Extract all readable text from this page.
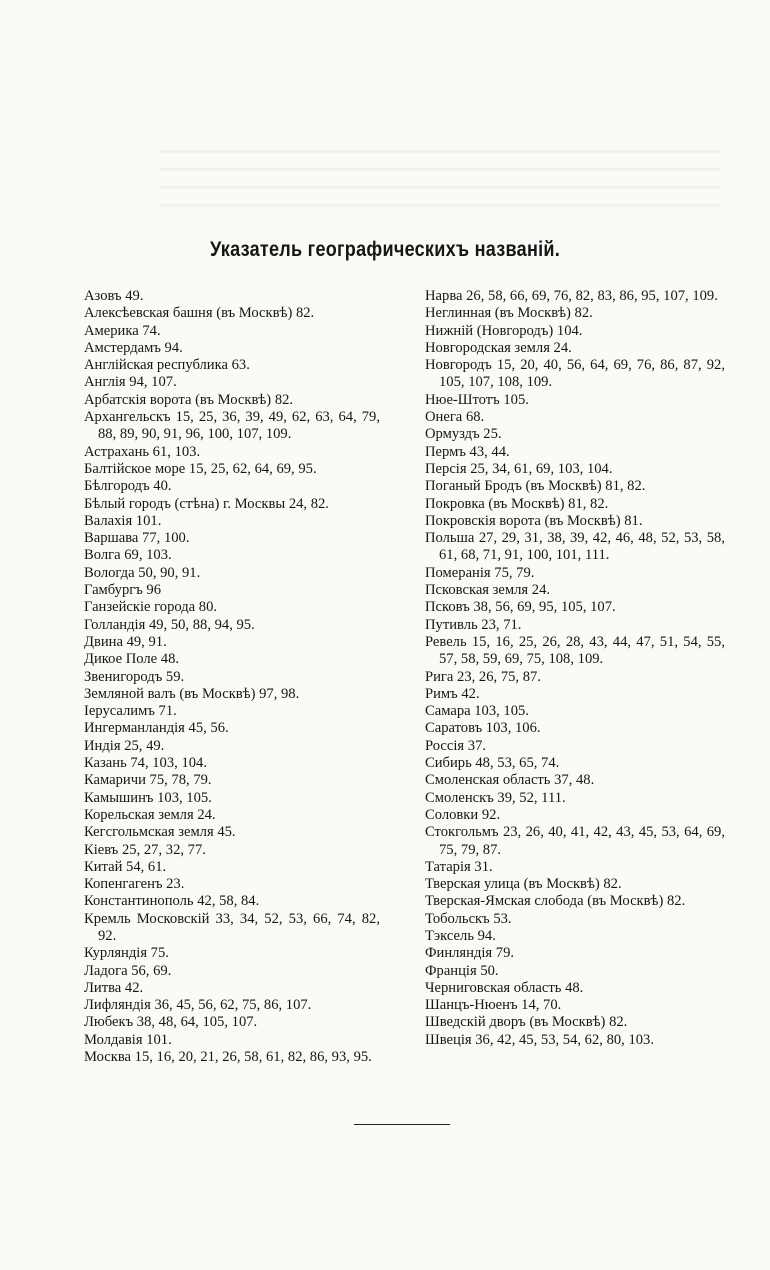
Указатель географическихъ названій.
Азовъ 49.
Алексѣевская башня (въ Москвѣ) 82.
Америка 74.
Амстердамъ 94.
Англійская республика 63.
Англія 94, 107.
Арбатскія ворота (въ Москвѣ) 82.
Архангельскъ 15, 25, 36, 39, 49, 62, 63, 64, 79, 88, 89, 90, 91, 96, 100, 107, 109.
Астрахань 61, 103.
Балтійское море 15, 25, 62, 64, 69, 95.
Бѣлгородъ 40.
Бѣлый городъ (стѣна) г. Москвы 24, 82.
Валахія 101.
Варшава 77, 100.
Волга 69, 103.
Вологда 50, 90, 91.
Гамбургъ 96
Ганзейскіе города 80.
Голландія 49, 50, 88, 94, 95.
Двина 49, 91.
Дикое Поле 48.
Звенигородъ 59.
Земляной валъ (въ Москвѣ) 97, 98.
Іерусалимъ 71.
Ингерманландія 45, 56.
Индія 25, 49.
Казань 74, 103, 104.
Камаричи 75, 78, 79.
Камышинъ 103, 105.
Корельская земля 24.
Кегсгольмская земля 45.
Кіевъ 25, 27, 32, 77.
Китай 54, 61.
Копенгагенъ 23.
Константинополь 42, 58, 84.
Кремль Московскій 33, 34, 52, 53, 66, 74, 82, 92.
Курляндія 75.
Ладога 56, 69.
Литва 42.
Лифляндія 36, 45, 56, 62, 75, 86, 107.
Любекъ 38, 48, 64, 105, 107.
Молдавія 101.
Москва 15, 16, 20, 21, 26, 58, 61, 82, 86, 93, 95.
Нарва 26, 58, 66, 69, 76, 82, 83, 86, 95, 107, 109.
Неглинная (въ Москвѣ) 82.
Нижній (Новгородъ) 104.
Новгородская земля 24.
Новгородъ 15, 20, 40, 56, 64, 69, 76, 86, 87, 92, 105, 107, 108, 109.
Нюе-Штотъ 105.
Онега 68.
Ормуздъ 25.
Пермъ 43, 44.
Персія 25, 34, 61, 69, 103, 104.
Поганый Бродъ (въ Москвѣ) 81, 82.
Покровка (въ Москвѣ) 81, 82.
Покровскія ворота (въ Москвѣ) 81.
Польша 27, 29, 31, 38, 39, 42, 46, 48, 52, 53, 58, 61, 68, 71, 91, 100, 101, 111.
Померанія 75, 79.
Псковская земля 24.
Псковъ 38, 56, 69, 95, 105, 107.
Путивль 23, 71.
Ревель 15, 16, 25, 26, 28, 43, 44, 47, 51, 54, 55, 57, 58, 59, 69, 75, 108, 109.
Рига 23, 26, 75, 87.
Римъ 42.
Самара 103, 105.
Саратовъ 103, 106.
Россія 37.
Сибирь 48, 53, 65, 74.
Смоленская область 37, 48.
Смоленскъ 39, 52, 111.
Соловки 92.
Стокгольмъ 23, 26, 40, 41, 42, 43, 45, 53, 64, 69, 75, 79, 87.
Татарія 31.
Тверская улица (въ Москвѣ) 82.
Тверская-Ямская слобода (въ Москвѣ) 82.
Тобольскъ 53.
Тэксель 94.
Финляндія 79.
Франція 50.
Черниговская область 48.
Шанцъ-Нюенъ 14, 70.
Шведскій дворъ (въ Москвѣ) 82.
Швеція 36, 42, 45, 53, 54, 62, 80, 103.
